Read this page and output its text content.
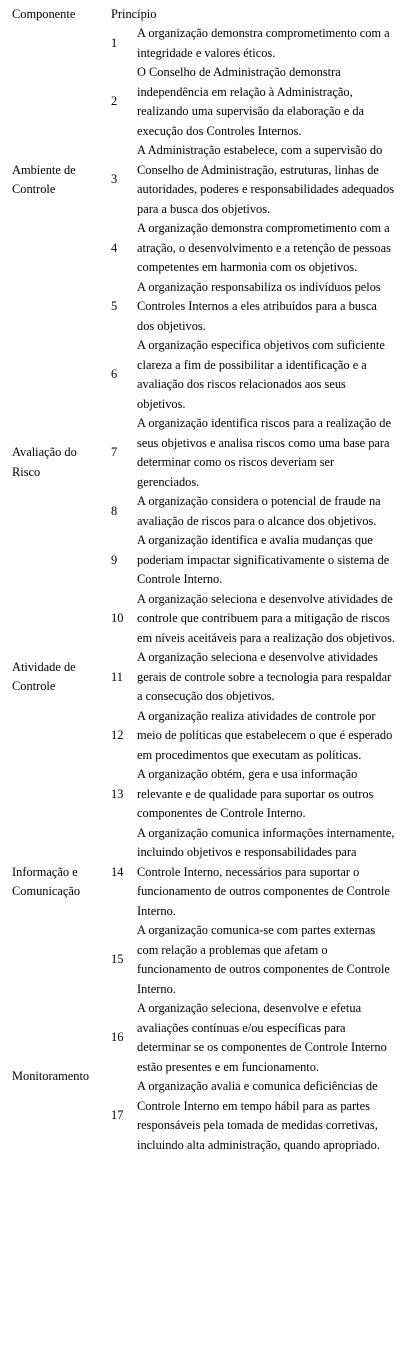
Componente	Princípio	
Ambiente de Controle	1	A organização demonstra comprometimento com a integridade e valores éticos.
	2	O Conselho de Administração demonstra independência em relação à Administração, realizando uma supervisão da elaboração e da execução dos Controles Internos.
	3	A Administração estabelece, com a supervisão do Conselho de Administração, estruturas, linhas de autoridades, poderes e responsabilidades adequados para a busca dos objetivos.
	4	A organização demonstra comprometimento com a atração, o desenvolvimento e a retenção de pessoas competentes em harmonia com os objetivos.
	5	A organização responsabiliza os indivíduos pelos Controles Internos a eles atribuídos para a busca dos objetivos.
Avaliação do Risco	6	A organização especifica objetivos com suficiente clareza a fim de possibilitar a identificação e a avaliação dos riscos relacionados aos seus objetivos.
	7	A organização identifica riscos para a realização de seus objetivos e analisa riscos como uma base para determinar como os riscos deveriam ser gerenciados.
	8	A organização considera o potencial de fraude na avaliação de riscos para o alcance dos objetivos.
	9	A organização identifica e avalia mudanças que poderiam impactar significativamente o sistema de Controle Interno.
Atividade de Controle	10	A organização seleciona e desenvolve atividades de controle que contribuem para a mitigação de riscos em níveis aceitáveis para a realização dos objetivos.
	11	A organização seleciona e desenvolve atividades gerais de controle sobre a tecnologia para respaldar a consecução dos objetivos.
	12	A organização realiza atividades de controle por meio de políticas que estabelecem o que é esperado em procedimentos que executam as políticas.
Informação e Comunicação	13	A organização obtém, gera e usa informação relevante e de qualidade para suportar os outros componentes de Controle Interno.
	14	A organização comunica informações internamente, incluindo objetivos e responsabilidades para Controle Interno, necessários para suportar o funcionamento de outros componentes de Controle Interno.
	15	A organização comunica-se com partes externas com relação a problemas que afetam o funcionamento de outros componentes de Controle Interno.
Monitoramento	16	A organização seleciona, desenvolve e efetua avaliações contínuas e/ou específicas para determinar se os componentes de Controle Interno estão presentes e em funcionamento.
	17	A organização avalia e comunica deficiências de Controle Interno em tempo hábil para as partes responsáveis pela tomada de medidas corretivas, incluindo alta administração, quando apropriado.
